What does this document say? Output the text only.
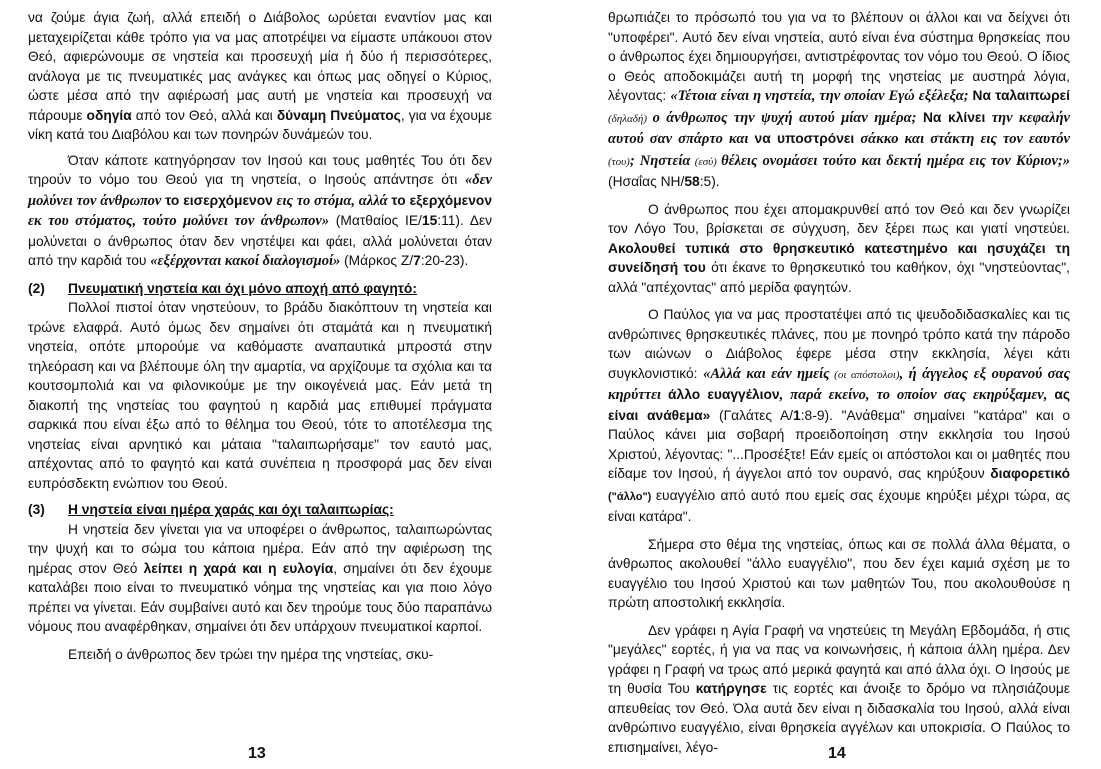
να ζούμε άγια ζωή, αλλά επειδή ο Διάβολος ωρύεται εναντίον μας και μεταχειρίζεται κάθε τρόπο για να μας αποτρέψει να είμαστε υπάκουοι στον Θεό, αφιερώνουμε σε νηστεία και προσευχή μία ή δύο ή περισσότερες, ανάλογα με τις πνευματικές μας ανάγκες και όπως μας οδηγεί ο Κύριος, ώστε μέσα από την αφιέρωσή μας αυτή με νηστεία και προσευχή να πάρουμε οδηγία από τον Θεό, αλλά και δύναμη Πνεύματος, για να έχουμε νίκη κατά του Διαβόλου και των πονηρών δυνάμεών του.

Όταν κάποτε κατηγόρησαν τον Ιησού και τους μαθητές Του ότι δεν τηρούν το νόμο του Θεού για τη νηστεία, ο Ιησούς απάντησε ότι «δεν μολύνει τον άνθρωπον το εισερχόμενον εις το στόμα, αλλά το εξερχόμενον εκ του στόματος, τούτο μολύνει τον άνθρωπον» (Ματθαίος ΙΕ/15:11). Δεν μολύνεται ο άνθρωπος όταν δεν νηστέψει και φάει, αλλά μολύνεται όταν από την καρδιά του «εξέρχονται κακοί διαλογισμοί» (Μάρκος Ζ/7:20-23).

(2)	Πνευματική νηστεία και όχι μόνο αποχή από φαγητό:

Πολλοί πιστοί όταν νηστεύουν, το βράδυ διακόπτουν τη νηστεία και τρώνε ελαφρά. Αυτό όμως δεν σημαίνει ότι σταμάτά και η πνευματική νηστεία, οπότε μπορούμε να καθόμαστε αναπαυτικά μπροστά στην τηλεόραση και να βλέπουμε όλη την αμαρτία, να αρχίζουμε τα σχόλια και τα κουτσομπολιά και να φιλονικούμε με την οικογένειά μας. Εάν μετά τη διακοπή της νηστείας του φαγητού η καρδιά μας επιθυμεί πράγματα σαρκικά που είναι έξω από το θέλημα του Θεού, τότε το αποτέλεσμα της νηστείας είναι αρνητικό και μάταια "ταλαιπωρήσαμε" τον εαυτό μας, απέχοντας από το φαγητό και κατά συνέπεια η προσφορά μας δεν είναι ευπρόσδεκτη ενώπιον του Θεού.

(3)	Η νηστεία είναι ημέρα χαράς και όχι ταλαιπωρίας:

Η νηστεία δεν γίνεται για να υποφέρει ο άνθρωπος, ταλαιπωρώντας την ψυχή και το σώμα του κάποια ημέρα. Εάν από την αφιέρωση της ημέρας στον Θεό λείπει η χαρά και η ευλογία, σημαίνει ότι δεν έχουμε καταλάβει ποιο είναι το πνευματικό νόημα της νηστείας και για ποιο λόγο πρέπει να γίνεται. Εάν συμβαίνει αυτό και δεν τηρούμε τους δύο παραπάνω νόμους που αναφέρθηκαν, σημαίνει ότι δεν υπάρχουν πνευματικοί καρποί.

Επειδή ο άνθρωπος δεν τρώει την ημέρα της νηστείας, σκυ-

θρωπιάζει το πρόσωπό του για να το βλέπουν οι άλλοι και να δείχνει ότι "υποφέρει". Αυτό δεν είναι νηστεία, αυτό είναι ένα σύστημα θρησκείας που ο άνθρωπος έχει δημιουργήσει, αντιστρέφοντας τον νόμο του Θεού. Ο ίδιος ο Θεός αποδοκιμάζει αυτή τη μορφή της νηστείας με αυστηρά λόγια, λέγοντας: «Τέτοια είναι η νηστεία, την οποίαν Εγώ εξέλεξα; Να ταλαιπωρεί (δηλαδή) ο άνθρωπος την ψυχή αυτού μίαν ημέρα; Να κλίνει την κεφαλήν αυτού σαν σπάρτο και να υποστρόνει σάκκο και στάκτη εις τον εαυτόν (του); Νηστεία (εσύ) θέλεις ονομάσει τούτο και δεκτή ημέρα εις τον Κύριον;» (Ησαΐας ΝΗ/58:5).

Ο άνθρωπος που έχει απομακρυνθεί από τον Θεό και δεν γνωρίζει τον Λόγο Του, βρίσκεται σε σύγχυση, δεν ξέρει πως και γιατί νηστεύει. Ακολουθεί τυπικά στο θρησκευτικό κατεστημένο και ησυχάζει τη συνείδησή του ότι έκανε το θρησκευτικό του καθήκον, όχι "νηστεύοντας", αλλά "απέχοντας" από μερίδα φαγητών.

Ο Παύλος για να μας προστατέψει από τις ψευδοδιδασκαλίες και τις ανθρώπινες θρησκευτικές πλάνες, που με πονηρό τρόπο κατά την πάροδο των αιώνων ο Διάβολος έφερε μέσα στην εκκλησία, λέγει κάτι συγκλονιστικό: «Αλλά και εάν ημείς (οι απόστολοι), ή άγγελος εξ ουρανού σας κηρύττει άλλο ευαγγέλιον, παρά εκείνο, το οποίον σας εκηρύξαμεν, ας είναι ανάθεμα» (Γαλάτες Α/1:8-9). "Ανάθεμα" σημαίνει "κατάρα" και ο Παύλος κάνει μια σοβαρή προειδοποίηση στην εκκλησία του Ιησού Χριστού, λέγοντας: "...Προσέξτε! Εάν εμείς οι απόστολοι και οι μαθητές που είδαμε τον Ιησού, ή άγγελοι από τον ουρανό, σας κηρύξουν διαφορετικό ("άλλο") ευαγγέλιο από αυτό που εμείς σας έχουμε κηρύξει μέχρι τώρα, ας είναι κατάρα".

Σήμερα στο θέμα της νηστείας, όπως και σε πολλά άλλα θέματα, ο άνθρωπος ακολουθεί "άλλο ευαγγέλιο", που δεν έχει καμιά σχέση με το ευαγγέλιο του Ιησού Χριστού και των μαθητών Του, που ακολουθούσε η πρώτη αποστολική εκκλησία.

Δεν γράφει η Αγία Γραφή να νηστεύεις τη Μεγάλη Εβδομάδα, ή στις "μεγάλες" εορτές, ή για να πας να κοινωνήσεις, ή κάποια άλλη ημέρα. Δεν γράφει η Γραφή να τρως από μερικά φαγητά και από άλλα όχι. Ο Ιησούς με τη θυσία Του κατήργησε τις εορτές και άνοιξε το δρόμο να πλησιάζουμε απευθείας τον Θεό. Όλα αυτά δεν είναι η διδασκαλία του Ιησού, αλλά είναι ανθρώπινο ευαγγέλιο, είναι θρησκεία αγγέλων και υποκρισία. Ο Παύλος το επισημαίνει, λέγο-

13	14
